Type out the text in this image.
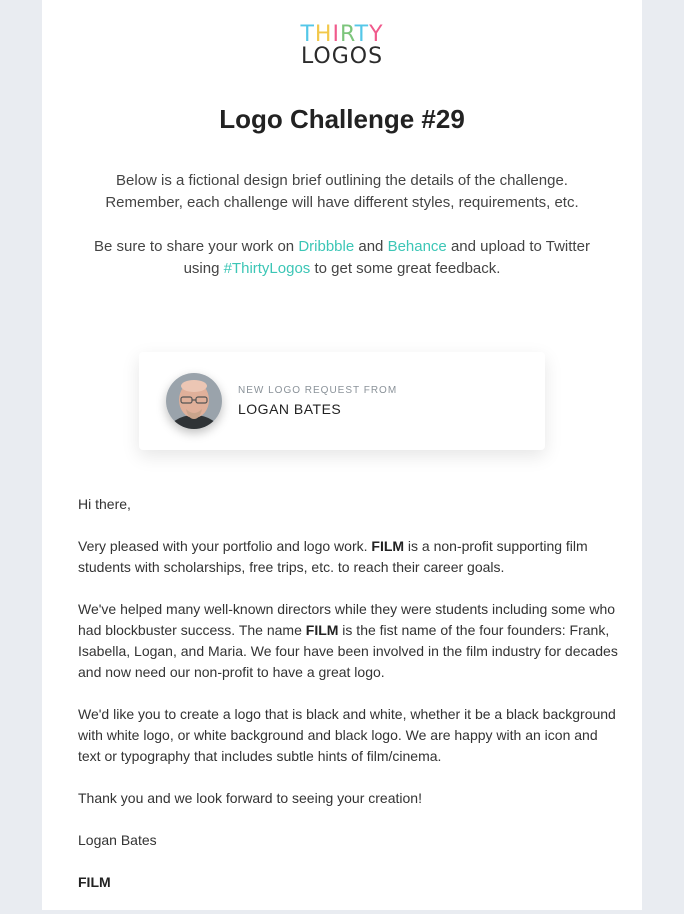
THIRTY
LOGOS
Logo Challenge #29

Below is a fictional design brief outlining the details of the challenge. Remember, each challenge will have different styles, requirements, etc.

Be sure to share your work on Dribbble and Behance and upload to Twitter using #ThirtyLogos to get some great feedback.

NEW LOGO REQUEST FROM
LOGAN BATES

Hi there,

Very pleased with your portfolio and logo work. FILM is a non-profit supporting film students with scholarships, free trips, etc. to reach their career goals.

We've helped many well-known directors while they were students including some who had blockbuster success. The name FILM is the fist name of the four founders: Frank, Isabella, Logan, and Maria. We four have been involved in the film industry for decades and now need our non-profit to have a great logo.

We'd like you to create a logo that is black and white, whether it be a black background with white logo, or white background and black logo. We are happy with an icon and text or typography that includes subtle hints of film/cinema.

Thank you and we look forward to seeing your creation!

Logan Bates

FILM
